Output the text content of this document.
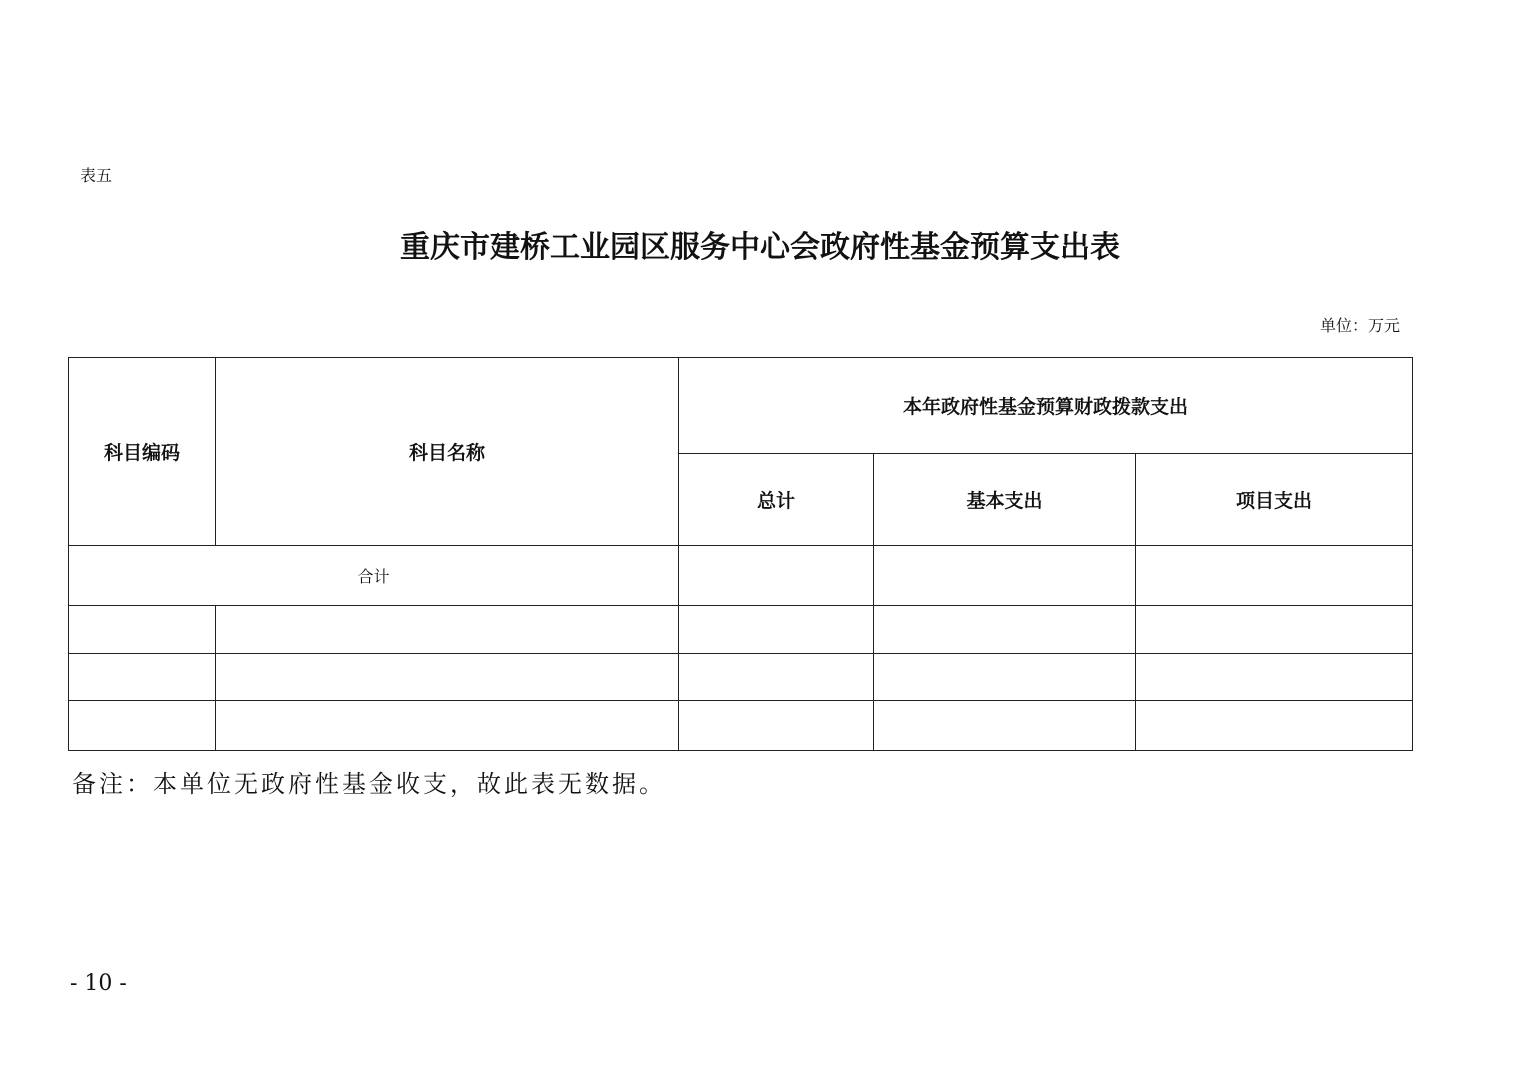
表五
重庆市建桥工业园区服务中心会政府性基金预算支出表
单位：万元
科目编码	科目名称	本年政府性基金预算财政拨款支出		
		总计	基本支出	项目支出
合计				

备注：本单位无政府性基金收支，故此表无数据。
- 10 -
